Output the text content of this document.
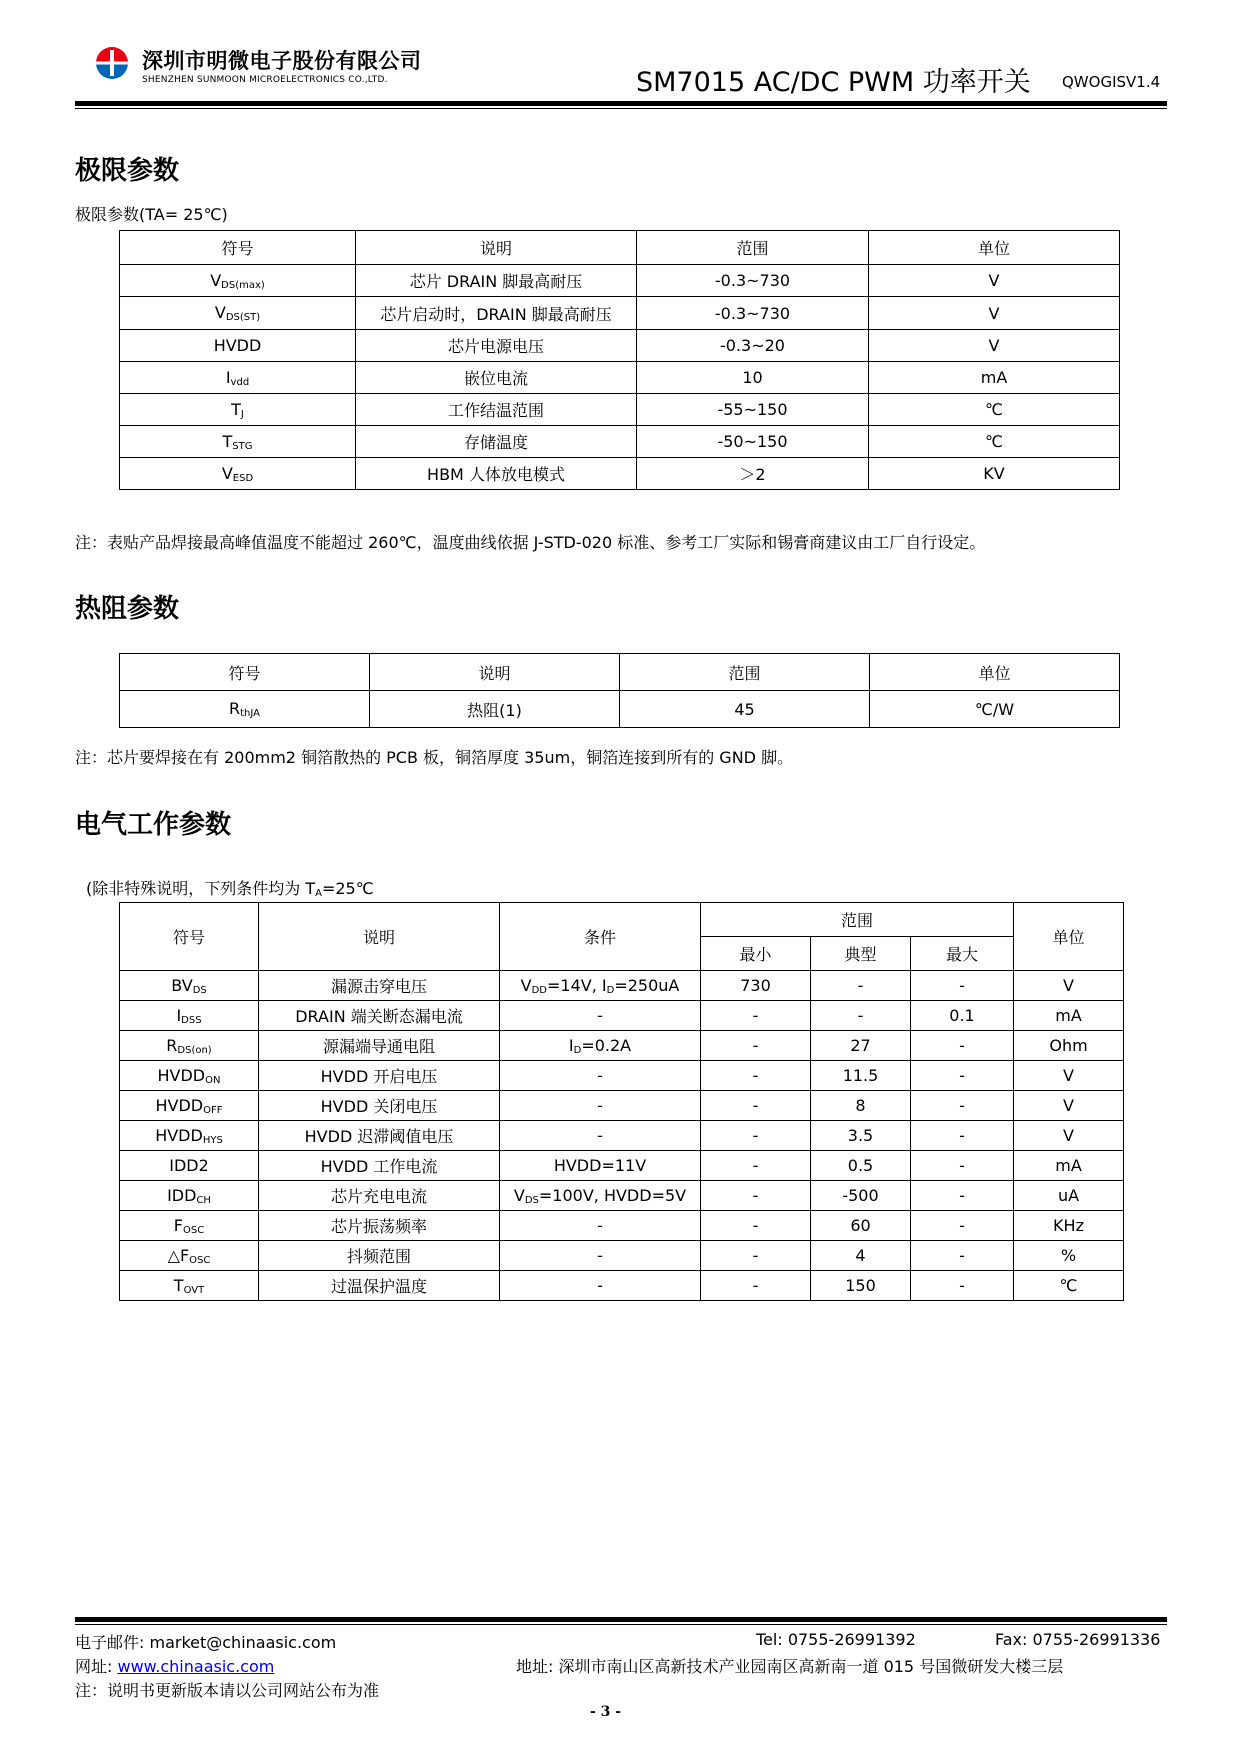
深圳市明微电子股份有限公司
SHENZHEN SUNMOON MICROELECTRONICS CO.,LTD.	SM7015 AC/DC PWM 功率开关 QWOGISV1.4
极限参数
极限参数(TA= 25℃)
符号	说明	范围	单位
$V_{DS(max)}$	芯片 DRAIN 脚最高耐压	-0.3~730	V
$V_{DS(ST)}$	芯片启动时，DRAIN 脚最高耐压	-0.3~730	V
HVDD	芯片电源电压	-0.3~20	V
$I_{vdd}$	嵌位电流	10	mA
$T_J$	工作结温范围	-55~150	℃
$T_{STG}$	存储温度	-50~150	℃
$V_{ESD}$	HBM 人体放电模式	＞2	KV
注：表贴产品焊接最高峰值温度不能超过 260℃，温度曲线依据 J-STD-020 标准、参考工厂实际和锡膏商建议由工厂自行设定。
热阻参数
符号	说明	范围	单位
$R_{thJA}$	热阻(1)	45	℃/W
注：芯片要焊接在有 200mm2 铜箔散热的 PCB 板，铜箔厚度 35um，铜箔连接到所有的 GND 脚。
电气工作参数
(除非特殊说明，下列条件均为 $T_A=25℃$
符号	说明	条件	范围			单位
			最小	典型	最大	
$BV_{DS}$	漏源击穿电压	$V_{DD}=14V$, $I_D=250uA$	730	-	-	V
$I_{DSS}$	DRAIN 端关断态漏电流	-	-	-	0.1	mA
$R_{DS(on)}$	源漏端导通电阻	$I_D=0.2A$	-	27	-	Ohm
$HVDD_{ON}$	HVDD 开启电压	-	-	11.5	-	V
$HVDD_{OFF}$	HVDD 关闭电压	-	-	8	-	V
$HVDD_{HYS}$	HVDD 迟滞阈值电压	-	-	3.5	-	V
IDD2	HVDD 工作电流	HVDD=11V	-	0.5	-	mA
$IDD_{CH}$	芯片充电电流	$V_{DS}=100V$, HVDD=5V	-	-500	-	uA
$F_{OSC}$	芯片振荡频率	-	-	60	-	KHz
$\triangle F_{OSC}$	抖频范围	-	-	4	-	%
$T_{OVT}$	过温保护温度	-	-	150	-	℃
电子邮件: market@chinaasic.com	Tel: 0755-26991392	Fax: 0755-26991336
网址: www.chinaasic.com	地址: 深圳市南山区高新技术产业园南区高新南一道 015 号国微研发大楼三层
注：说明书更新版本请以公司网站公布为准
- 3 -
